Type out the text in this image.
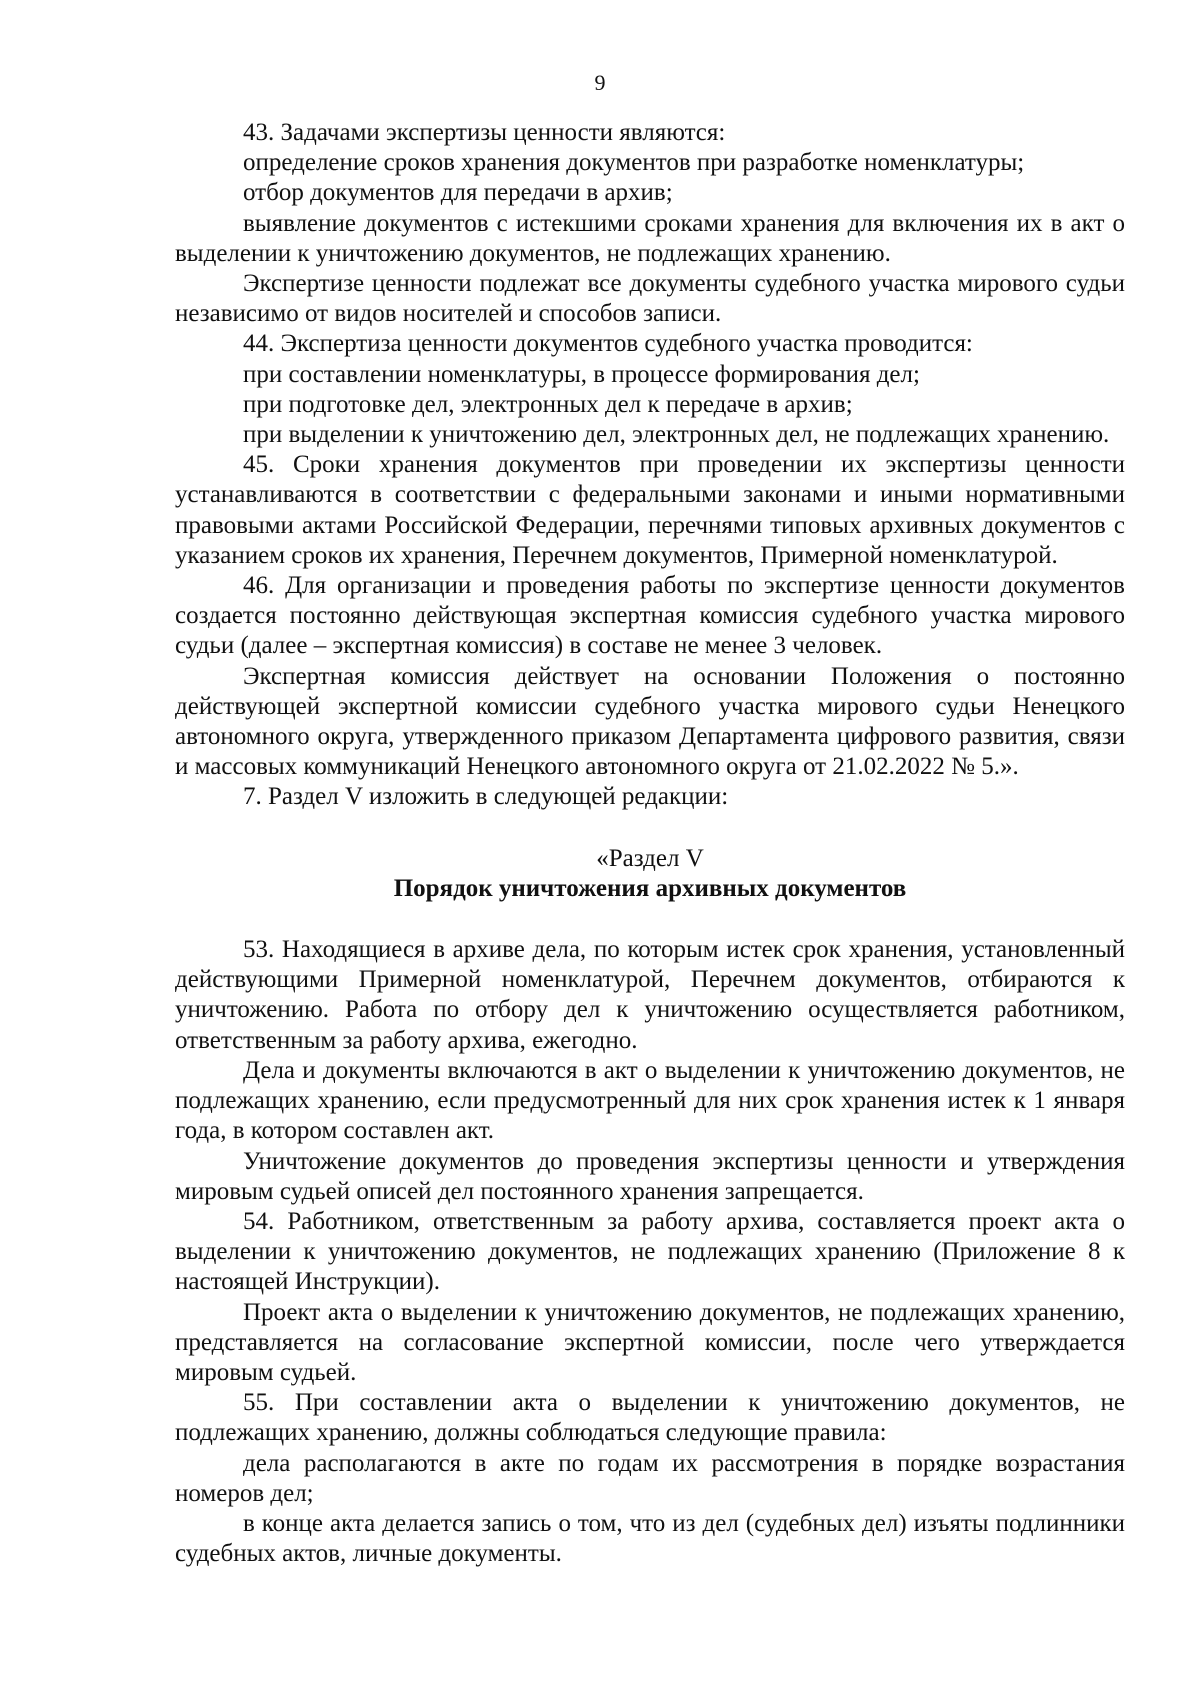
9

43. Задачами экспертизы ценности являются:

определение сроков хранения документов при разработке номенклатуры;

отбор документов для передачи в архив;

выявление документов с истекшими сроками хранения для включения их в акт о выделении к уничтожению документов, не подлежащих хранению.

Экспертизе ценности подлежат все документы судебного участка мирового судьи независимо от видов носителей и способов записи.

44. Экспертиза ценности документов судебного участка проводится:

при составлении номенклатуры, в процессе формирования дел;

при подготовке дел, электронных дел к передаче в архив;

при выделении к уничтожению дел, электронных дел, не подлежащих хранению.

45. Сроки хранения документов при проведении их экспертизы ценности устанавливаются в соответствии с федеральными законами и иными нормативными правовыми актами Российской Федерации, перечнями типовых архивных документов с указанием сроков их хранения, Перечнем документов, Примерной номенклатурой.

46. Для организации и проведения работы по экспертизе ценности документов создается постоянно действующая экспертная комиссия судебного участка мирового судьи (далее – экспертная комиссия) в составе не менее 3 человек.

Экспертная комиссия действует на основании Положения о постоянно действующей экспертной комиссии судебного участка мирового судьи Ненецкого автономного округа, утвержденного приказом Департамента цифрового развития, связи и массовых коммуникаций Ненецкого автономного округа от 21.02.2022 № 5.».

7. Раздел V изложить в следующей редакции:

«Раздел V

Порядок уничтожения архивных документов

53. Находящиеся в архиве дела, по которым истек срок хранения, установленный действующими Примерной номенклатурой, Перечнем документов, отбираются к уничтожению. Работа по отбору дел к уничтожению осуществляется работником, ответственным за работу архива, ежегодно.

Дела и документы включаются в акт о выделении к уничтожению документов, не подлежащих хранению, если предусмотренный для них срок хранения истек к 1 января года, в котором составлен акт.

Уничтожение документов до проведения экспертизы ценности и утверждения мировым судьей описей дел постоянного хранения запрещается.

54. Работником, ответственным за работу архива, составляется проект акта о выделении к уничтожению документов, не подлежащих хранению (Приложение 8 к настоящей Инструкции).

Проект акта о выделении к уничтожению документов, не подлежащих хранению, представляется на согласование экспертной комиссии, после чего утверждается мировым судьей.

55. При составлении акта о выделении к уничтожению документов, не подлежащих хранению, должны соблюдаться следующие правила:

дела располагаются в акте по годам их рассмотрения в порядке возрастания номеров дел;

в конце акта делается запись о том, что из дел (судебных дел) изъяты подлинники судебных актов, личные документы.
